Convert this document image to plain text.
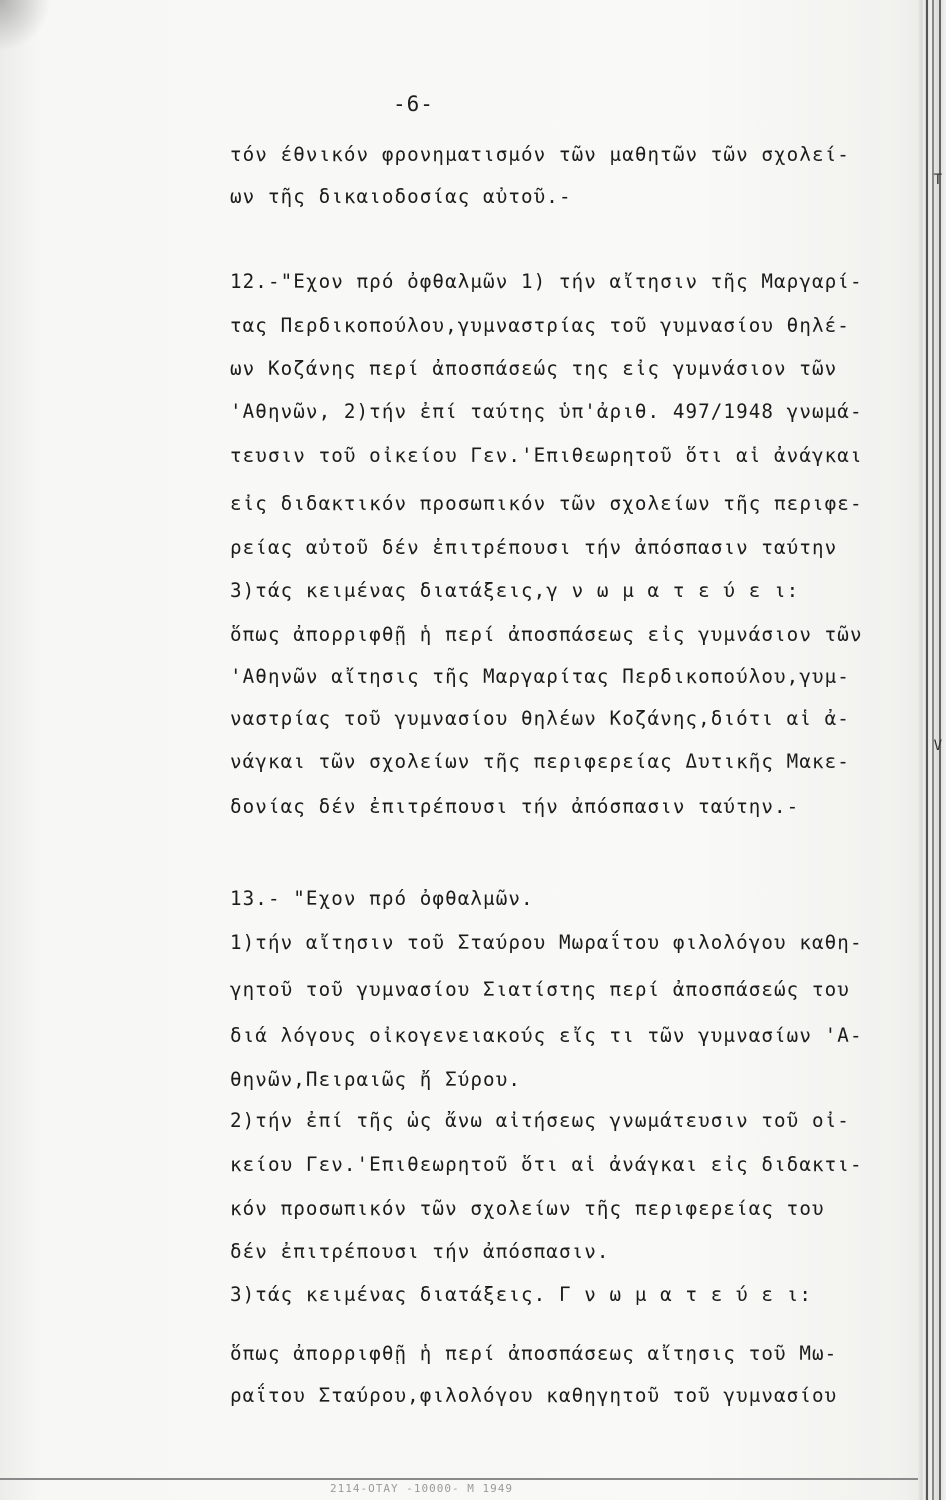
-6-
τόν έθνικόν φρονηματισμόν τῶν μαθητῶν τῶν σχολεί-
ων τῆς δικαιοδοσίας αὐτοῦ.-
12.-"Εχον πρό ὀφθαλμῶν 1) τήν αἴτησιν τῆς Μαργαρί-
τας Περδικοπούλου,γυμναστρίας τοῦ γυμνασίου θηλέ-
ων Κοζάνης περί ἀποσπάσεώς της εἰς γυμνάσιον τῶν
'Αθηνῶν, 2)τήν ἐπί ταύτης ὑπ'ἀριθ. 497/1948 γνωμά-
τευσιν τοῦ οἰκείου Γεν.'Επιθεωρητοῦ ὅτι αἱ ἀνάγκαι
εἰς διδακτικόν προσωπικόν τῶν σχολείων τῆς περιφε-
ρείας αὐτοῦ δέν ἐπιτρέπουσι τήν ἀπόσπασιν ταύτην
3)τάς κειμένας διατάξεις,γ ν ω μ α τ ε ύ ε ι:
ὅπως ἀπορριφθῇ ἡ περί ἀποσπάσεως εἰς γυμνάσιον τῶν
'Αθηνῶν αἴτησις τῆς Μαργαρίτας Περδικοπούλου,γυμ-
ναστρίας τοῦ γυμνασίου θηλέων Κοζάνης,διότι αἱ ἀ-
νάγκαι τῶν σχολείων τῆς περιφερείας Δυτικῆς Μακε-
δονίας δέν ἐπιτρέπουσι τήν ἀπόσπασιν ταύτην.-
13.- "Εχον πρό ὀφθαλμῶν.
1)τήν αἴτησιν τοῦ Σταύρου Μωραΐτου φιλολόγου καθη-
γητοῦ τοῦ γυμνασίου Σιατίστης περί ἀποσπάσεώς του
διά λόγους οἰκογενειακούς εἴς τι τῶν γυμνασίων 'Α-
θηνῶν,Πειραιῶς ἤ Σύρου.
2)τήν ἐπί τῆς ὡς ἄνω αἰτήσεως γνωμάτευσιν τοῦ οἰ-
κείου Γεν.'Επιθεωρητοῦ ὅτι αἱ ἀνάγκαι εἰς διδακτι-
κόν προσωπικόν τῶν σχολείων τῆς περιφερείας του
δέν ἐπιτρέπουσι τήν ἀπόσπασιν.
3)τάς κειμένας διατάξεις. Γ ν ω μ α τ ε ύ ε ι:
ὅπως ἀπορριφθῇ ἡ περί ἀποσπάσεως αἴτησις τοῦ Μω-
ραΐτου Σταύρου,φιλολόγου καθηγητοῦ τοῦ γυμνασίου
2114-ΟΤΑΥ -10000- Μ 1949
T
V
